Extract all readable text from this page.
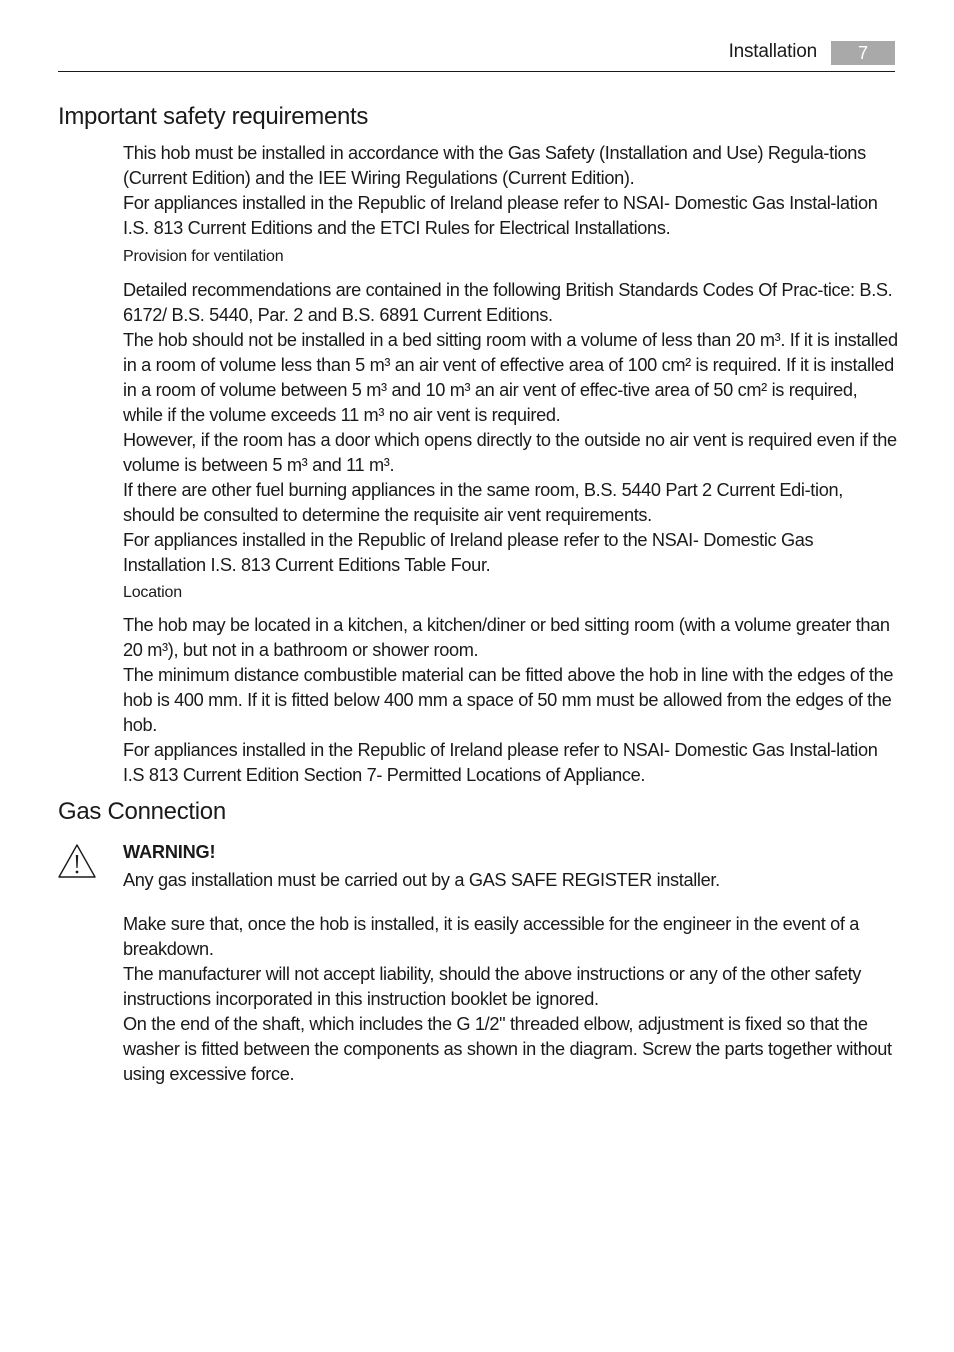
Installation	7
Important safety requirements

This hob must be installed in accordance with the Gas Safety (Installation and Use) Regula-tions (Current Edition) and the IEE Wiring Regulations (Current Edition).

For appliances installed in the Republic of Ireland please refer to NSAI- Domestic Gas Instal-lation I.S. 813 Current Editions and the ETCI Rules for Electrical Installations.

Provision for ventilation

Detailed recommendations are contained in the following British Standards Codes Of Prac-tice: B.S. 6172/ B.S. 5440, Par. 2 and B.S. 6891 Current Editions.

The hob should not be installed in a bed sitting room with a volume of less than 20 m³. If it is installed in a room of volume less than 5 m³ an air vent of effective area of 100 cm² is required. If it is installed in a room of volume between 5 m³ and 10 m³ an air vent of effec-tive area of 50 cm² is required, while if the volume exceeds 11 m³ no air vent is required.

However, if the room has a door which opens directly to the outside no air vent is required even if the volume is between 5 m³ and 11 m³.

If there are other fuel burning appliances in the same room, B.S. 5440 Part 2 Current Edi-tion, should be consulted to determine the requisite air vent requirements.

For appliances installed in the Republic of Ireland please refer to the NSAI- Domestic Gas Installation I.S. 813 Current Editions Table Four.

Location

The hob may be located in a kitchen, a kitchen/diner or bed sitting room (with a volume greater than 20 m³), but not in a bathroom or shower room.

The minimum distance combustible material can be fitted above the hob in line with the edges of the hob is 400 mm. If it is fitted below 400 mm a space of 50 mm must be allowed from the edges of the hob.

For appliances installed in the Republic of Ireland please refer to NSAI- Domestic Gas Instal-lation I.S 813 Current Edition Section 7- Permitted Locations of Appliance.

Gas Connection
WARNING!

Any gas installation must be carried out by a GAS SAFE REGISTER installer.

Make sure that, once the hob is installed, it is easily accessible for the engineer in the event of a breakdown.

The manufacturer will not accept liability, should the above instructions or any of the other safety instructions incorporated in this instruction booklet be ignored.

On the end of the shaft, which includes the G 1/2" threaded elbow, adjustment is fixed so that the washer is fitted between the components as shown in the diagram. Screw the parts together without using excessive force.
